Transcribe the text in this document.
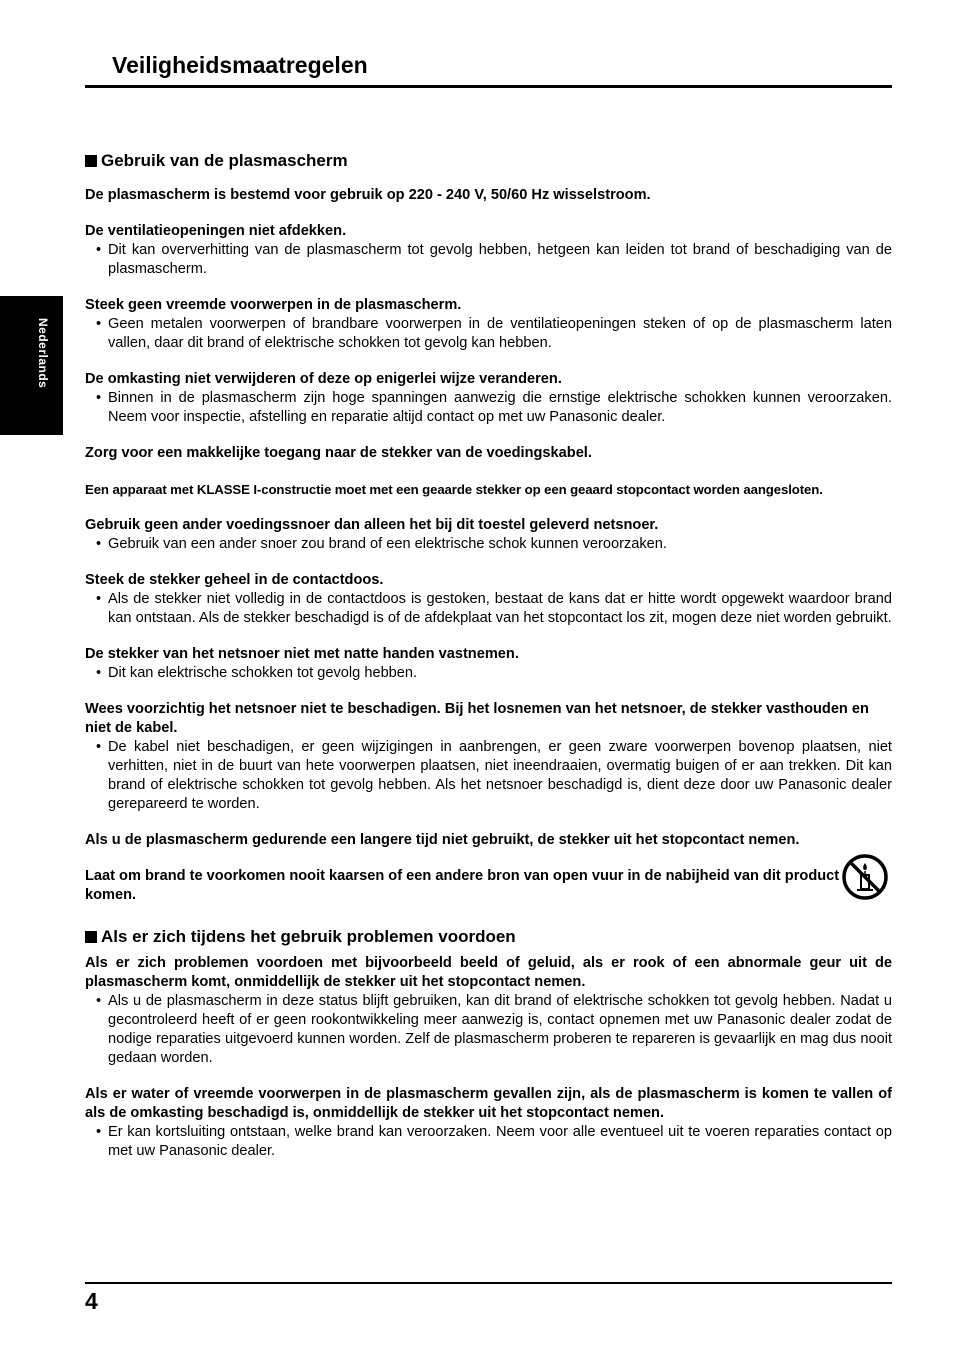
Veiligheidsmaatregelen
Nederlands
Gebruik van de plasmascherm

De plasmascherm is bestemd voor gebruik op 220 - 240 V, 50/60 Hz wisselstroom.

De ventilatieopeningen niet afdekken.

• Dit kan oververhitting van de plasmascherm tot gevolg hebben, hetgeen kan leiden tot brand of beschadiging van de plasmascherm.

Steek geen vreemde voorwerpen in de plasmascherm.

• Geen metalen voorwerpen of brandbare voorwerpen in de ventilatieopeningen steken of op de plasmascherm laten vallen, daar dit brand of elektrische schokken tot gevolg kan hebben.

De omkasting niet verwijderen of deze op enigerlei wijze veranderen.

• Binnen in de plasmascherm zijn hoge spanningen aanwezig die ernstige elektrische schokken kunnen veroorzaken. Neem voor inspectie, afstelling en reparatie altijd contact op met uw Panasonic dealer.

Zorg voor een makkelijke toegang naar de stekker van de voedingskabel.

Een apparaat met KLASSE I-constructie moet met een geaarde stekker op een geaard stopcontact worden aangesloten.

Gebruik geen ander voedingssnoer dan alleen het bij dit toestel geleverd netsnoer.

• Gebruik van een ander snoer zou brand of een elektrische schok kunnen veroorzaken.

Steek de stekker geheel in de contactdoos.

• Als de stekker niet volledig in de contactdoos is gestoken, bestaat de kans dat er hitte wordt opgewekt waardoor brand kan ontstaan. Als de stekker beschadigd is of de afdekplaat van het stopcontact los zit, mogen deze niet worden gebruikt.

De stekker van het netsnoer niet met natte handen vastnemen.

• Dit kan elektrische schokken tot gevolg hebben.

Wees voorzichtig het netsnoer niet te beschadigen. Bij het losnemen van het netsnoer, de stekker vasthouden en niet de kabel.

• De kabel niet beschadigen, er geen wijzigingen in aanbrengen, er geen zware voorwerpen bovenop plaatsen, niet verhitten, niet in de buurt van hete voorwerpen plaatsen, niet ineendraaien, overmatig buigen of er aan trekken. Dit kan brand of elektrische schokken tot gevolg hebben. Als het netsnoer beschadigd is, dient deze door uw Panasonic dealer gerepareerd te worden.

Als u de plasmascherm gedurende een langere tijd niet gebruikt, de stekker uit het stopcontact nemen.

Laat om brand te voorkomen nooit kaarsen of een andere bron van open vuur in de nabijheid van dit product komen.

Als er zich tijdens het gebruik problemen voordoen

Als er zich problemen voordoen met bijvoorbeeld beeld of geluid, als er rook of een abnormale geur uit de plasmascherm komt, onmiddellijk de stekker uit het stopcontact nemen.

• Als u de plasmascherm in deze status blijft gebruiken, kan dit brand of elektrische schokken tot gevolg hebben. Nadat u gecontroleerd heeft of er geen rookontwikkeling meer aanwezig is, contact opnemen met uw Panasonic dealer zodat de nodige reparaties uitgevoerd kunnen worden. Zelf de plasmascherm proberen te repareren is gevaarlijk en mag dus nooit gedaan worden.

Als er water of vreemde voorwerpen in de plasmascherm gevallen zijn, als de plasmascherm is komen te vallen of als de omkasting beschadigd is, onmiddellijk de stekker uit het stopcontact nemen.

• Er kan kortsluiting ontstaan, welke brand kan veroorzaken. Neem voor alle eventueel uit te voeren reparaties contact op met uw Panasonic dealer.

4
